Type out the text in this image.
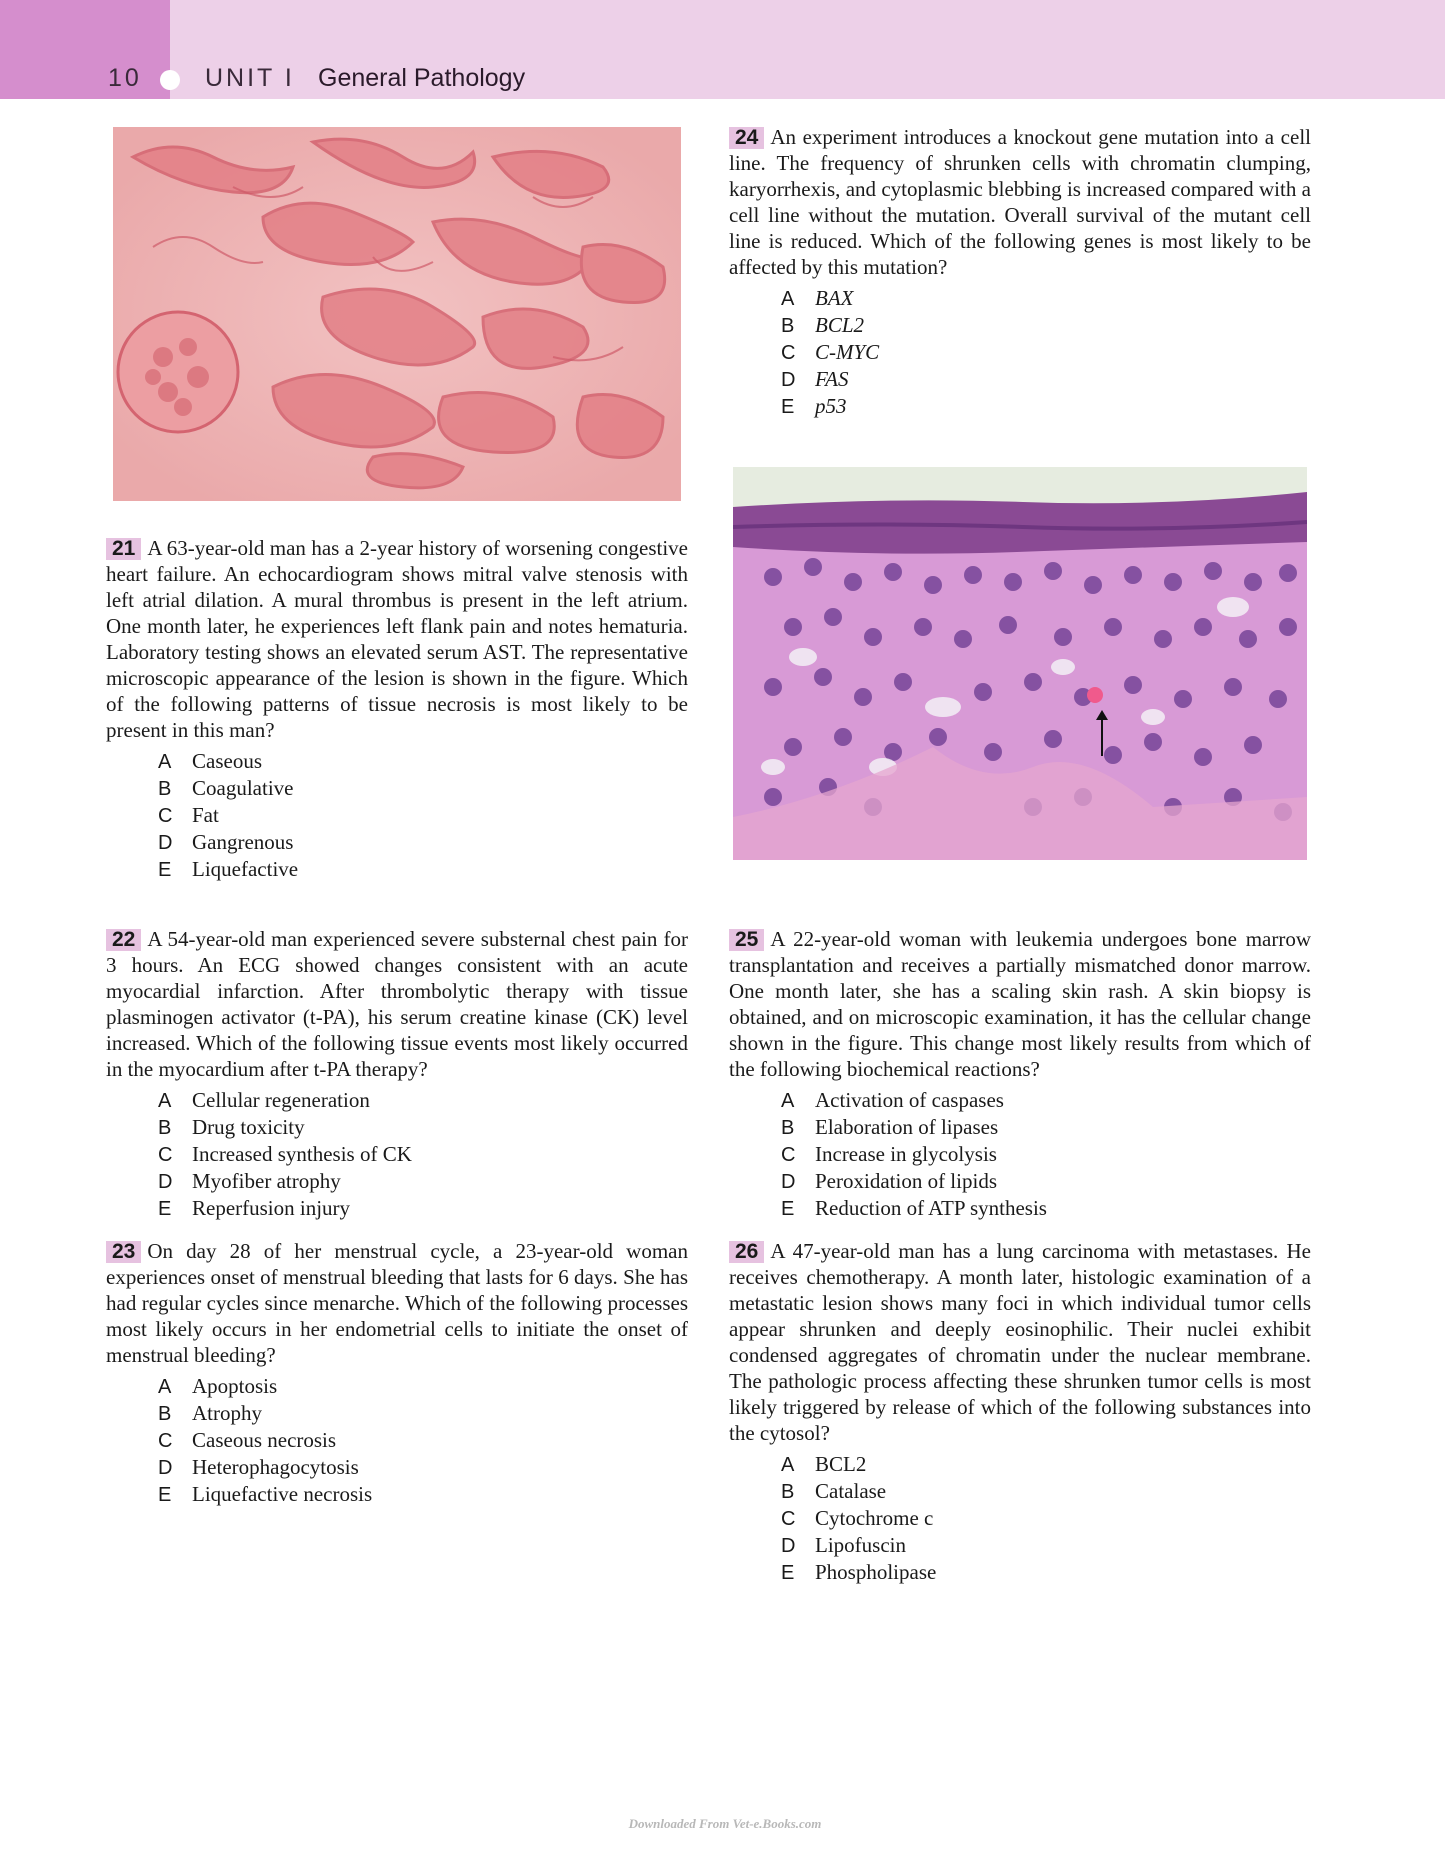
10	UNIT I General Pathology
21 A 63-year-old man has a 2-year history of worsening congestive heart failure. An echocardiogram shows mitral valve stenosis with left atrial dilation. A mural thrombus is present in the left atrium. One month later, he experiences left flank pain and notes hematuria. Laboratory testing shows an elevated serum AST. The representative microscopic appearance of the lesion is shown in the figure. Which of the following patterns of tissue necrosis is most likely to be present in this man?
A Caseous
B Coagulative
C Fat
D Gangrenous
E Liquefactive
22 A 54-year-old man experienced severe substernal chest pain for 3 hours. An ECG showed changes consistent with an acute myocardial infarction. After thrombolytic therapy with tissue plasminogen activator (t-PA), his serum creatine kinase (CK) level increased. Which of the following tissue events most likely occurred in the myocardium after t-PA therapy?
A Cellular regeneration
B Drug toxicity
C Increased synthesis of CK
D Myofiber atrophy
E Reperfusion injury
23 On day 28 of her menstrual cycle, a 23-year-old woman experiences onset of menstrual bleeding that lasts for 6 days. She has had regular cycles since menarche. Which of the following processes most likely occurs in her endometrial cells to initiate the onset of menstrual bleeding?
A Apoptosis
B Atrophy
C Caseous necrosis
D Heterophagocytosis
E Liquefactive necrosis
24 An experiment introduces a knockout gene mutation into a cell line. The frequency of shrunken cells with chromatin clumping, karyorrhexis, and cytoplasmic blebbing is increased compared with a cell line without the mutation. Overall survival of the mutant cell line is reduced. Which of the following genes is most likely to be affected by this mutation?
A BAX
B BCL2
C C-MYC
D FAS
E p53
25 A 22-year-old woman with leukemia undergoes bone marrow transplantation and receives a partially mismatched donor marrow. One month later, she has a scaling skin rash. A skin biopsy is obtained, and on microscopic examination, it has the cellular change shown in the figure. This change most likely results from which of the following biochemical reactions?
A Activation of caspases
B Elaboration of lipases
C Increase in glycolysis
D Peroxidation of lipids
E Reduction of ATP synthesis
26 A 47-year-old man has a lung carcinoma with metastases. He receives chemotherapy. A month later, histologic examination of a metastatic lesion shows many foci in which individual tumor cells appear shrunken and deeply eosinophilic. Their nuclei exhibit condensed aggregates of chromatin under the nuclear membrane. The pathologic process affecting these shrunken tumor cells is most likely triggered by release of which of the following substances into the cytosol?
A BCL2
B Catalase
C Cytochrome c
D Lipofuscin
E Phospholipase
Downloaded From Vet-e.Books.com
